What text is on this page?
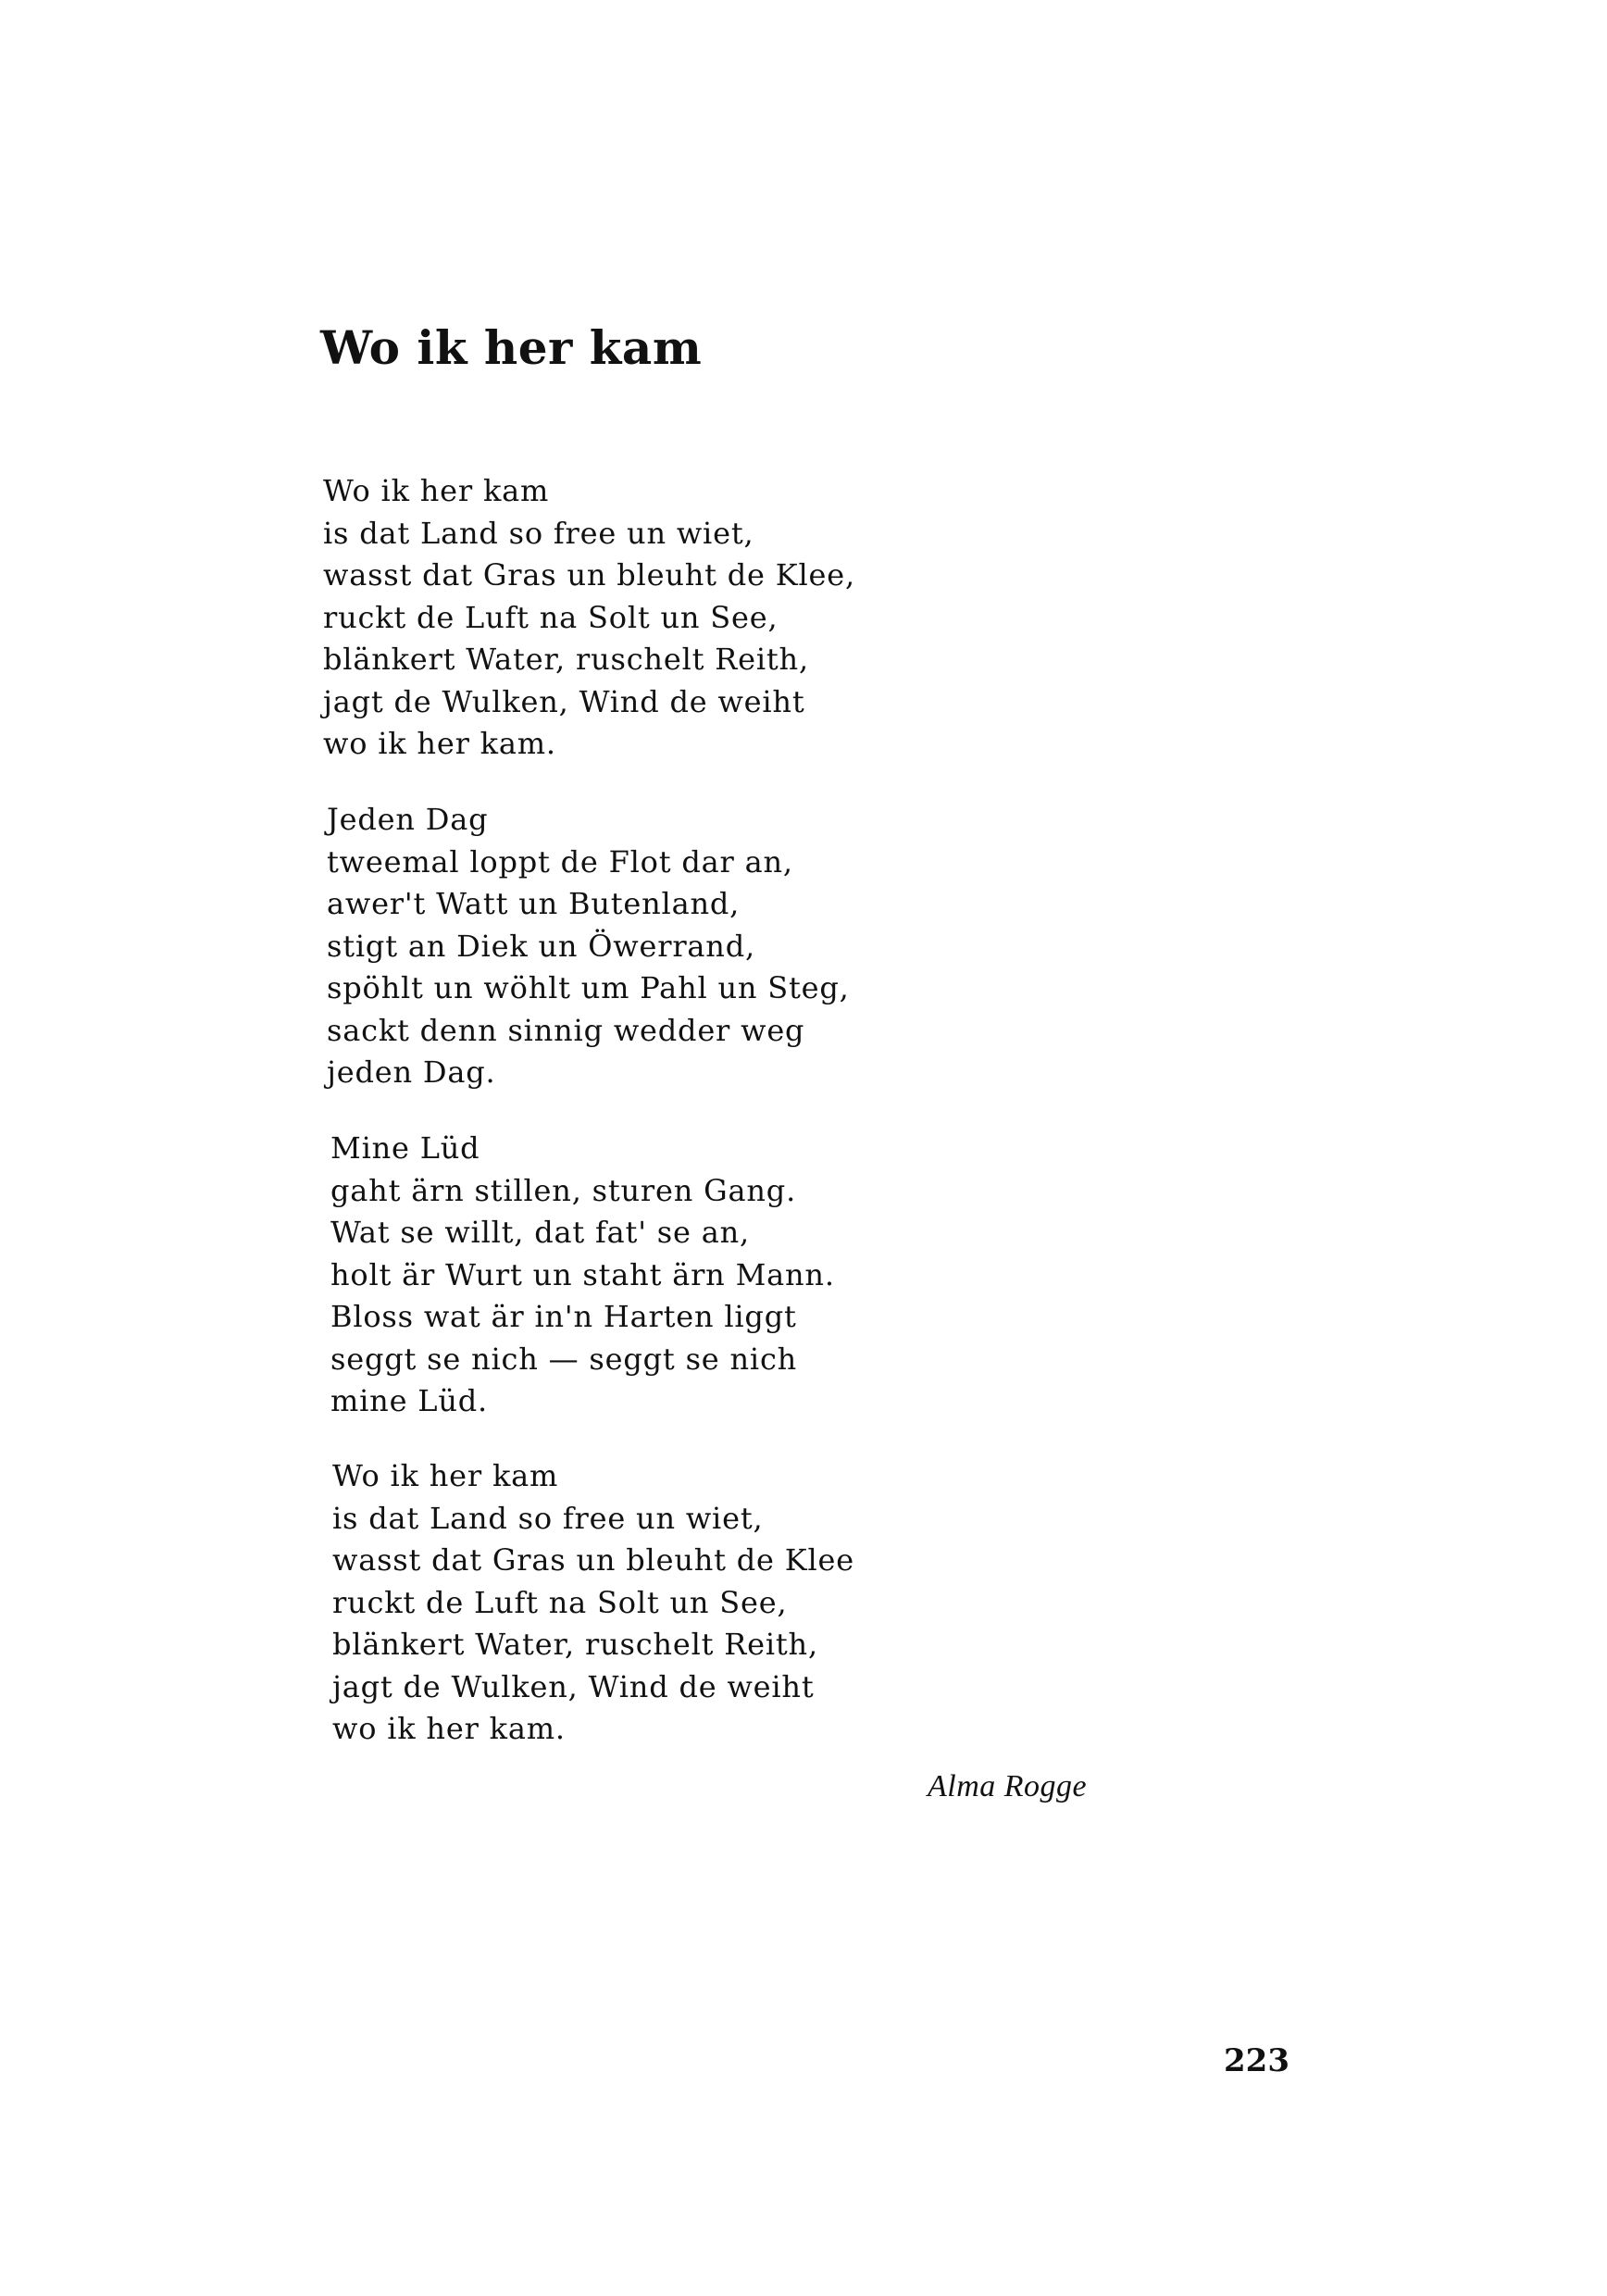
Wo ik her kam
Wo ik her kam
is dat Land so free un wiet,
wasst dat Gras un bleuht de Klee,
ruckt de Luft na Solt un See,
blänkert Water, ruschelt Reith,
jagt de Wulken, Wind de weiht
wo ik her kam.
Jeden Dag
tweemal loppt de Flot dar an,
awer't Watt un Butenland,
stigt an Diek un Öwerrand,
spöhlt un wöhlt um Pahl un Steg,
sackt denn sinnig wedder weg
jeden Dag.
Mine Lüd
gaht ärn stillen, sturen Gang.
Wat se willt, dat fat' se an,
holt är Wurt un staht ärn Mann.
Bloss wat är in'n Harten liggt
seggt se nich — seggt se nich
mine Lüd.
Wo ik her kam
is dat Land so free un wiet,
wasst dat Gras un bleuht de Klee
ruckt de Luft na Solt un See,
blänkert Water, ruschelt Reith,
jagt de Wulken, Wind de weiht
wo ik her kam.

Alma Rogge

223
